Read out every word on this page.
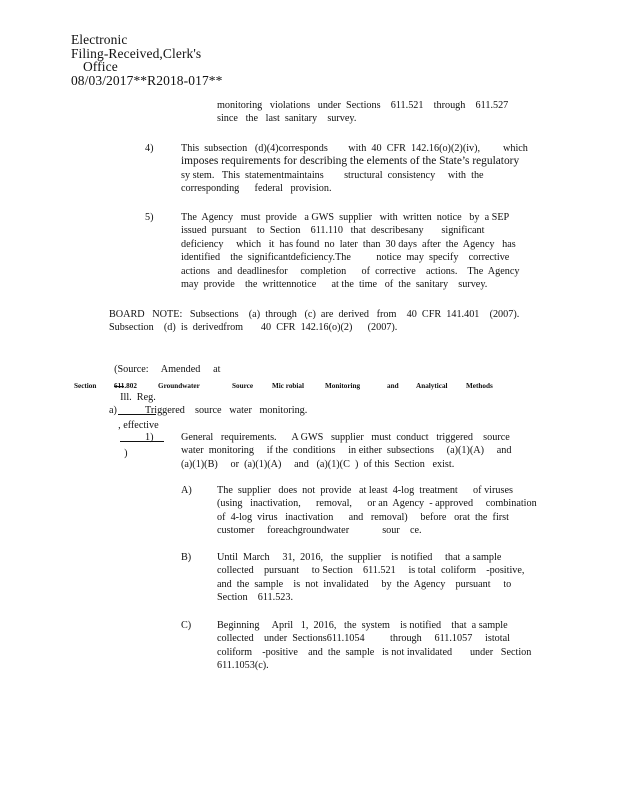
Electronic
Filing-Received,Clerk's
Office
08/03/2017**R2018-017**

monitoring   violations   under  Sections    611.521    through    611.527
since   the   last  sanitary    survey.
4)	This  subsection   (d)(4)corresponds        with  40  CFR  142.16(o)(2)(iv),         which
imposes requirements for describing the elements of the State’s regulatory
sy stem.   This  statementmaintains        structural  consistency     with  the
corresponding      federal   provision.
5)	The  Agency   must  provide   a GWS  supplier   with  written  notice   by  a SEP
issued  pursuant    to  Section    611.110   that  describesany       significant
deficiency     which   it  has found  no  later  than  30 days  after  the  Agency   has
identified    the  significantdeficiency.The          notice  may  specify    corrective
actions   and  deadlinesfor     completion      of  corrective    actions.    The  Agency
may  provide    the  writtennotice      at the  time   of  the  sanitary    survey.
BOARD   NOTE:   Subsections    (a)  through   (c)  are  derived   from    40  CFR  141.401    (2007).
Subsection    (d)  is  derivedfrom       40  CFR  142.16(o)(2)      (2007).

(Source:     Amended     at

Ill.  Reg.

, effective

)

Section 611.802	Groundwater	Source	Mic robial	Monitoring	and Analytical	Methods
a)	Triggered    source   water   monitoring.
1)	General   requirements.      A GWS   supplier   must  conduct   triggered    source
water  monitoring     if the  conditions     in either  subsections     (a)(1)(A)     and
(a)(1)(B)     or  (a)(1)(A)     and   (a)(1)(C  )  of this  Section   exist.
A) The  supplier   does  not  provide   at least  4-log  treatment      of viruses
(using   inactivation,      removal,      or an  Agency  - approved     combination
of  4-log  virus   inactivation      and   removal)     before   orat  the  first
customer     foreachgroundwater             sour    ce.
B)	Until  March     31,  2016,   the  supplier    is notified     that  a sample
collected    pursuant     to Section    611.521     is total  coliform    -positive,
and  the  sample    is  not  invalidated     by  the  Agency    pursuant     to
Section    611.523.
C)	Beginning     April   1,  2016,   the  system    is notified    that  a sample
collected    under  Sections611.1054          through     611.1057     istotal
coliform    -positive    and  the  sample   is not invalidated       under   Section
611.1053(c).
